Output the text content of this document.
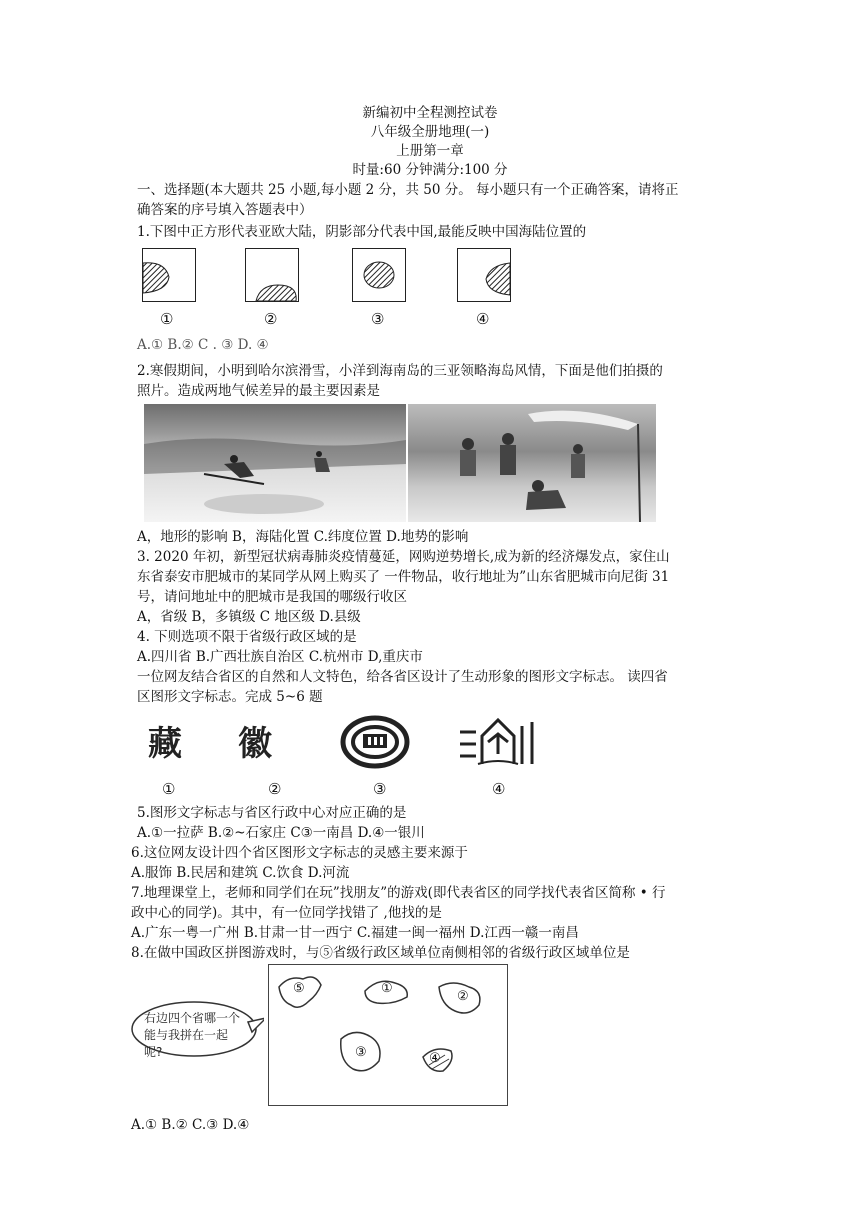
新编初中全程测控试卷
八年级全册地理(一)
上册第一章
时量:60 分钟满分:100 分
一、选择题(本大题共 25 小题,每小题 2 分，共 50 分。 每小题只有一个正确答案，请将正
确答案的序号填入答题表中）
1.下图中正方形代表亚欧大陆，阴影部分代表中国,最能反映中国海陆位置的
①	②	③	④
A.① B.② C . ③ D. ④
2.寒假期间，小明到哈尔滨滑雪，小洋到海南岛的三亚领略海岛风情，下面是他们拍摄的
照片。造成两地气候差异的最主要因素是
A，地形的影响 B，海陆化置 C.纬度位置 D.地势的影响
3. 2020 年初，新型冠状病毒肺炎疫情蔓延，网购逆势增长,成为新的经济爆发点，家住山
东省泰安市肥城市的某同学从网上购买了 一件物品，收行地址为”山东省肥城市向尼街 31
号，请问地址中的肥城市是我国的哪级行收区
A，省级 B，多镇级 C 地区级 D.县级
4. 下则选项不限于省级行政区域的是
A.四川省 B.广西壮族自治区 C.杭州市 D,重庆市
一位网友结合省区的自然和人文特色，给各省区设计了生动形象的图形文字标志。 读四省
区图形文字标志。完成 5~6 题
藏 徽
①	②	③	④
5.图形文字标志与省区行政中心对应正确的是
A.①一拉萨 B.②~石家庄 C③一南昌 D.④一银川
6.这位网友设计四个省区图形文字标志的灵感主要来源于
A.服饰 B.民居和建筑 C.饮食 D.河流
7.地理课堂上，老师和同学们在玩”找朋友”的游戏(即代表省区的同学找代表省区简称 • 行
政中心的同学)。其中，有一位同学找错了 ,他找的是
A.广东一粤一广州 B.甘肃一甘一西宁 C.福建一闽一福州 D.江西一赣一南昌
8.在做中国政区拼图游戏时，与⑤省级行政区域单位南侧相邻的省级行政区域单位是
右边四个省哪一个能与我拼在一起呢?
⑤	①
②
③	④
A.① B.② C.③ D.④
